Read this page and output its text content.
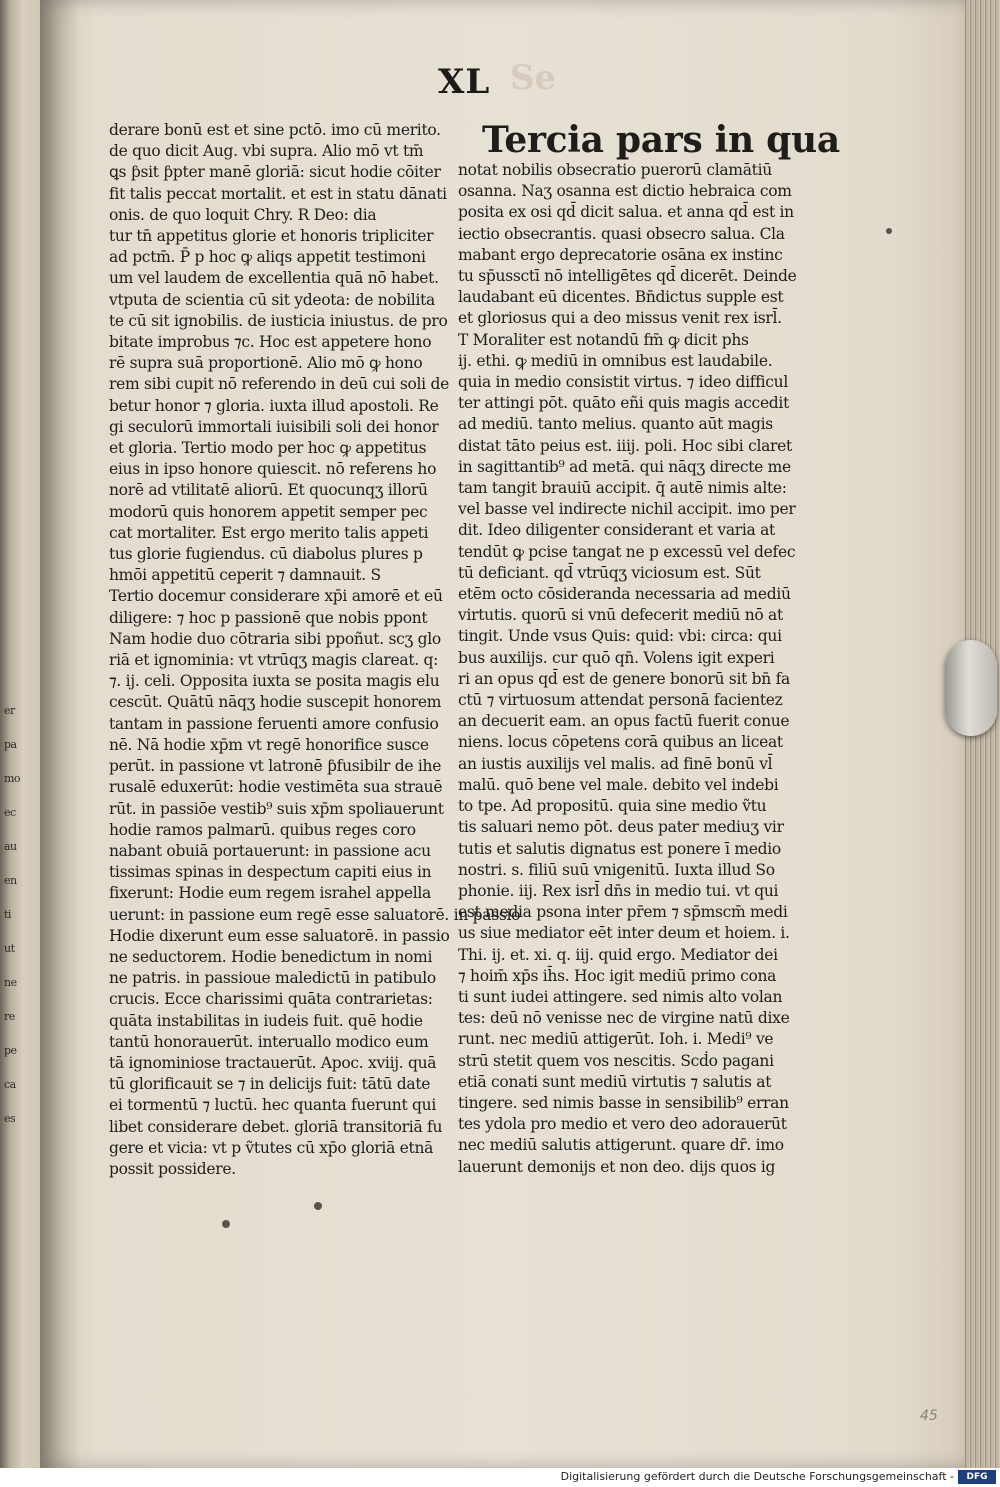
er
pa
mo
ec
au
en
ti
ut
ne
re
pe
ca
es
Se
XL
derare bonū est et sine pctō. imo cū merito.
de quo dicit Aug. vbi supra. Alio mō vt tm̄
ꝗs ƥsit ƥpter manē gloriā: sicut hodie cōiter
fit talis peccat mortalit. et est in statu dānati
onis. de quo loquit Chry. R Deo: dia
tur tn̄ appetitus glorie et honoris tripliciter
ad pctm̄. P̄ p hoc ꝙ aliqs appetit testimoni
um vel laudem de excellentia quā nō habet.
vtputa de scientia cū sit ydeota: de nobilita
te cū sit ignobilis. de iusticia iniustus. de pro
bitate improbus ⁊c. Hoc est appetere hono
rē supra suā proportionē. Alio mō ꝙ hono
rem sibi cupit nō referendo in deū cui soli de
betur honor ⁊ gloria. iuxta illud apostoli. Re
gi seculorū immortali iuisibili soli dei honor
et gloria. Tertio modo per hoc ꝙ appetitus
eius in ipso honore quiescit. nō referens ho
norē ad vtilitatē aliorū. Et quocunqʒ illorū
modorū quis honorem appetit semper pec
cat mortaliter. Est ergo merito talis appeti
tus glorie fugiendus. cū diabolus plures p
hmōi appetitū ceperit ⁊ damnauit. S
Tertio docemur considerare xp̄i amorē et eū
diligere: ⁊ hoc p passionē que nobis ppont
Nam hodie duo cōtraria sibi ppoñut. scʒ glo
riā et ignominia: vt vtrūqʒ magis clareat. q:
⁊. ij. celi. Opposita iuxta se posita magis elu
cescūt. Quātū nāqʒ hodie suscepit honorem
tantam in passione feruenti amore confusio
nē. Nā hodie xp̄m vt regē honorifice susce
perūt. in passione vt latronē ƥfusibilr de ihe
rusalē eduxerūt: hodie vestimēta sua strauē
rūt. in passiōe vestib⁹ suis xp̄m spoliauerunt
hodie ramos palmarū. quibus reges coro
nabant obuiā portauerunt: in passione acu
tissimas spinas in despectum capiti eius in
fixerunt: Hodie eum regem israhel appella
uerunt: in passione eum regē esse saluatorē. in passio
Hodie dixerunt eum esse saluatorē. in passio
ne seductorem. Hodie benedictum in nomi
ne patris. in passioue maledictū in patibulo
crucis. Ecce charissimi quāta contrarietas:
quāta instabilitas in iudeis fuit. quē hodie
tantū honorauerūt. interuallo modico eum
tā ignominiose tractauerūt. Apoc. xviij. quā
tū glorificauit se ⁊ in delicijs fuit: tātū date
ei tormentū ⁊ luctū. hec quanta fuerunt qui
libet considerare debet. gloriā transitoriā fu
gere et vicia: vt p ṽtutes cū xp̄o gloriā etnā
possit possidere.
Tercia pars in qua
notat nobilis obsecratio puerorū clamātiū
osanna. Naʒ osanna est dictio hebraica com
posita ex osi qd̄ dicit salua. et anna qd̄ est in
iectio obsecrantis. quasi obsecro salua. Cla
mabant ergo deprecatorie osāna ex instinc
tu sp̄ussctī nō intelligētes qd̄ dicerēt. Deinde
laudabant eū dicentes. Bn̄dictus supple est
et gloriosus qui a deo missus venit rex isrl̄.
T Moraliter est notandū fm̄ ꝙ dicit phs
ij. ethi. ꝙ mediū in omnibus est laudabile.
quia in medio consistit virtus. ⁊ ideo difficul
ter attingi pōt. quāto eñi quis magis accedit
ad mediū. tanto melius. quanto aūt magis
distat tāto peius est. iiij. poli. Hoc sibi claret
in sagittantib⁹ ad metā. qui nāqʒ directe me
tam tangit brauiū accipit. q̄ autē nimis alte:
vel basse vel indirecte nichil accipit. imo per
dit. Ideo diligenter considerant et varia at
tendūt ꝙ pcise tangat ne p excessū vel defec
tū deficiant. qd̄ vtrūqʒ viciosum est. Sūt
etēm octo cōsideranda necessaria ad mediū
virtutis. quorū si vnū defecerit mediū nō at
tingit. Unde vsus Quis: quid: vbi: circa: qui
bus auxilijs. cur quō qn̄. Volens igit experi
ri an opus qd̄ est de genere bonorū sit bn̄ fa
ctū ⁊ virtuosum attendat personā facientez
an decuerit eam. an opus factū fuerit conue
niens. locus cōpetens corā quibus an liceat
an iustis auxilijs vel malis. ad finē bonū vl̄
malū. quō bene vel male. debito vel indebi
to tpe. Ad propositū. quia sine medio ṽtu
tis saluari nemo pōt. deus pater mediuʒ vir
tutis et salutis dignatus est ponere ī medio
nostri. s. filiū suū vnigenitū. Iuxta illud So
phonie. iij. Rex isrl̄ dn̄s in medio tui. vt qui
est media psona inter pr̄em ⁊ sp̄mscm̄ medi
us siue mediator eēt inter deum et hoiem. i.
Thi. ij. et. xi. q. iij. quid ergo. Mediator dei
⁊ hoim̄ xp̄s ih̄s. Hoc igit mediū primo cona
ti sunt iudei attingere. sed nimis alto volan
tes: deū nō venisse nec de virgine natū dixe
runt. nec mediū attigerūt. Ioh. i. Medi⁹ ve
strū stetit quem vos nescitis. Scḋo pagani
etiā conati sunt mediū virtutis ⁊ salutis at
tingere. sed nimis basse in sensibilib⁹ erran
tes ydola pro medio et vero deo adorauerūt
nec mediū salutis attigerunt. quare dr̄. imo
lauerunt demonijs et non deo. dijs quos ig
45
Digitalisierung gefördert durch die Deutsche Forschungsgemeinschaft -	DFG
